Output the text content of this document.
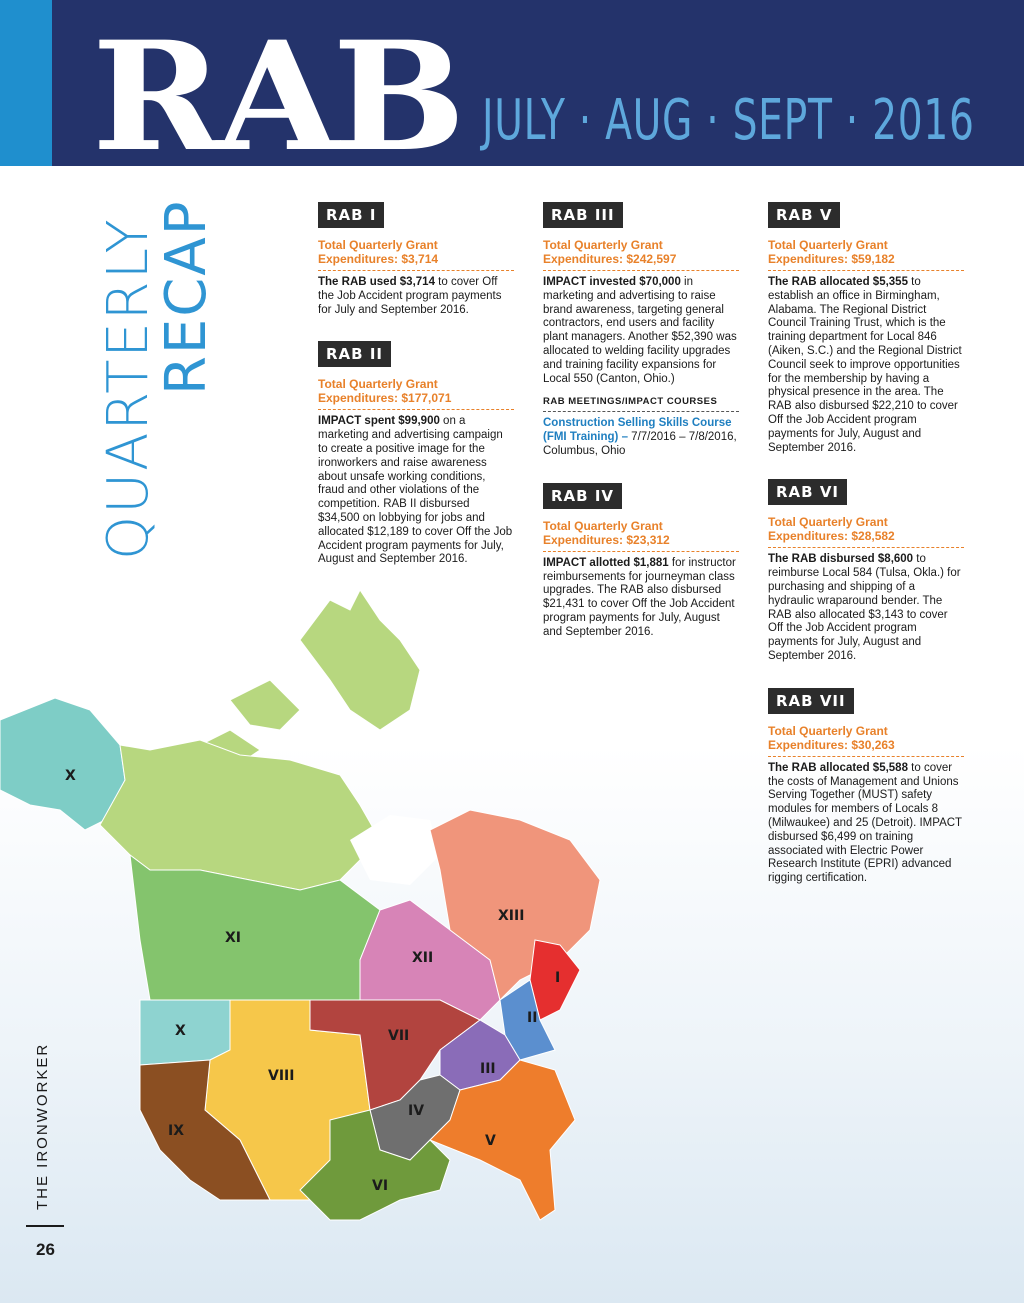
RAB JULY · AUG · SEPT · 2016
QUARTERLY
RECAP
THE IRONWORKER
26
RAB I
Total Quarterly Grant
Expenditures: $3,714
The RAB used $3,714 to cover Off the Job Accident program payments for July and September 2016.
RAB II
Total Quarterly Grant
Expenditures: $177,071
IMPACT spent $99,900 on a marketing and advertising campaign to create a positive image for the ironworkers and raise awareness about unsafe working conditions, fraud and other violations of the competition. RAB II disbursed $34,500 on lobbying for jobs and allocated $12,189 to cover Off the Job Accident program payments for July, August and September 2016.
RAB III
Total Quarterly Grant
Expenditures: $242,597
IMPACT invested $70,000 in marketing and advertising to raise brand awareness, targeting general contractors, end users and facility plant managers. Another $52,390 was allocated to welding facility upgrades and training facility expansions for Local 550 (Canton, Ohio.)
RAB MEETINGS/IMPACT COURSES
Construction Selling Skills Course (FMI Training) – 7/7/2016 – 7/8/2016, Columbus, Ohio
RAB IV
Total Quarterly Grant
Expenditures: $23,312
IMPACT allotted $1,881 for instructor reimbursements for journeyman class upgrades. The RAB also disbursed $21,431 to cover Off the Job Accident program payments for July, August and September 2016.
RAB V
Total Quarterly Grant
Expenditures: $59,182
The RAB allocated $5,355 to establish an office in Birmingham, Alabama. The Regional District Council Training Trust, which is the training department for Local 846 (Aiken, S.C.) and the Regional District Council seek to improve opportunities for the membership by having a physical presence in the area. The RAB also disbursed $22,210 to cover Off the Job Accident program payments for July, August and September 2016.
RAB VI
Total Quarterly Grant
Expenditures: $28,582
The RAB disbursed $8,600 to reimburse Local 584 (Tulsa, Okla.) for purchasing and shipping of a hydraulic wraparound bender. The RAB also allocated $3,143 to cover Off the Job Accident program payments for July, August and September 2016.
RAB VII
Total Quarterly Grant
Expenditures: $30,263
The RAB allocated $5,588 to cover the costs of Management and Unions Serving Together (MUST) safety modules for members of Locals 8 (Milwaukee) and 25 (Detroit). IMPACT disbursed $6,499 on training associated with Electric Power Research Institute (EPRI) advanced rigging certification.
X
X
XI
XII
XIII
I
II
III
IV
V
VI
VII
VIII
IX
